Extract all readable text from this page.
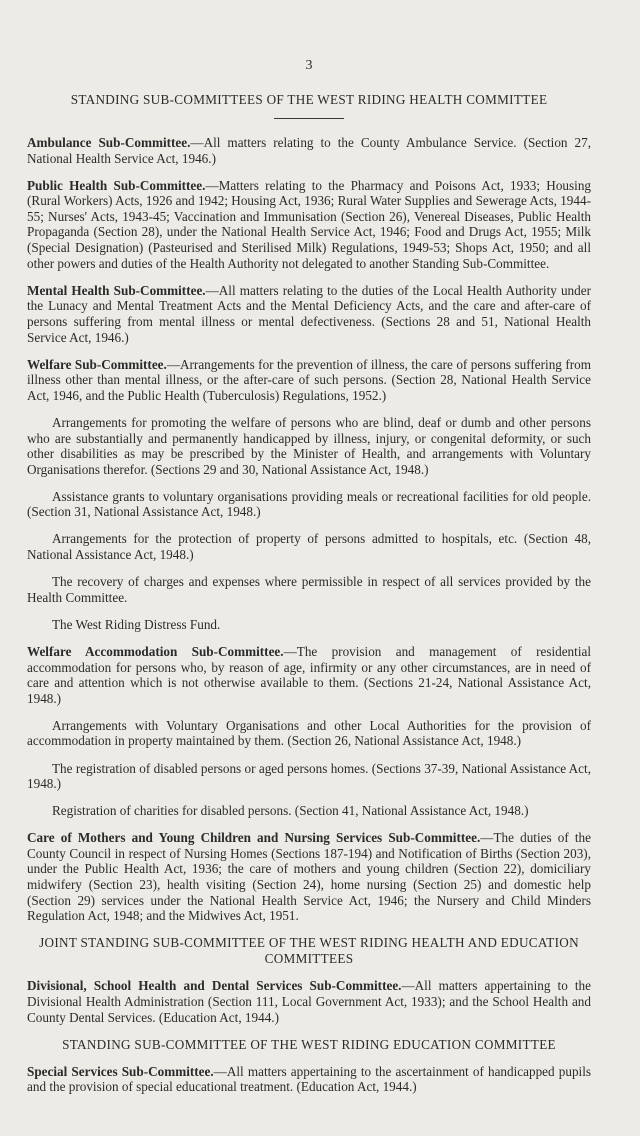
3
STANDING SUB-COMMITTEES OF THE WEST RIDING HEALTH COMMITTEE

Ambulance Sub-Committee.—All matters relating to the County Ambulance Service. (Section 27, National Health Service Act, 1946.)

Public Health Sub-Committee.—Matters relating to the Pharmacy and Poisons Act, 1933; Housing (Rural Workers) Acts, 1926 and 1942; Housing Act, 1936; Rural Water Supplies and Sewerage Acts, 1944-55; Nurses' Acts, 1943-45; Vaccination and Immunisation (Section 26), Venereal Diseases, Public Health Propaganda (Section 28), under the National Health Service Act, 1946; Food and Drugs Act, 1955; Milk (Special Designation) (Pasteurised and Sterilised Milk) Regulations, 1949-53; Shops Act, 1950; and all other powers and duties of the Health Authority not delegated to another Standing Sub-Committee.

Mental Health Sub-Committee.—All matters relating to the duties of the Local Health Authority under the Lunacy and Mental Treatment Acts and the Mental Deficiency Acts, and the care and after-care of persons suffering from mental illness or mental defectiveness. (Sections 28 and 51, National Health Service Act, 1946.)

Welfare Sub-Committee.—Arrangements for the prevention of illness, the care of persons suffering from illness other than mental illness, or the after-care of such persons. (Section 28, National Health Service Act, 1946, and the Public Health (Tuberculosis) Regulations, 1952.)

Arrangements for promoting the welfare of persons who are blind, deaf or dumb and other persons who are substantially and permanently handicapped by illness, injury, or congenital deformity, or such other disabilities as may be prescribed by the Minister of Health, and arrangements with Voluntary Organisations therefor. (Sections 29 and 30, National Assistance Act, 1948.)

Assistance grants to voluntary organisations providing meals or recreational facilities for old people. (Section 31, National Assistance Act, 1948.)

Arrangements for the protection of property of persons admitted to hospitals, etc. (Section 48, National Assistance Act, 1948.)

The recovery of charges and expenses where permissible in respect of all services provided by the Health Committee.

The West Riding Distress Fund.

Welfare Accommodation Sub-Committee.—The provision and management of residential accommodation for persons who, by reason of age, infirmity or any other circumstances, are in need of care and attention which is not otherwise available to them. (Sections 21-24, National Assistance Act, 1948.)

Arrangements with Voluntary Organisations and other Local Authorities for the provision of accommodation in property maintained by them. (Section 26, National Assistance Act, 1948.)

The registration of disabled persons or aged persons homes. (Sections 37-39, National Assistance Act, 1948.)

Registration of charities for disabled persons. (Section 41, National Assistance Act, 1948.)

Care of Mothers and Young Children and Nursing Services Sub-Committee.—The duties of the County Council in respect of Nursing Homes (Sections 187-194) and Notification of Births (Section 203), under the Public Health Act, 1936; the care of mothers and young children (Section 22), domiciliary midwifery (Section 23), health visiting (Section 24), home nursing (Section 25) and domestic help (Section 29) services under the National Health Service Act, 1946; the Nursery and Child Minders Regulation Act, 1948; and the Midwives Act, 1951.

JOINT STANDING SUB-COMMITTEE OF THE WEST RIDING HEALTH AND EDUCATION COMMITTEES

Divisional, School Health and Dental Services Sub-Committee.—All matters appertaining to the Divisional Health Administration (Section 111, Local Government Act, 1933); and the School Health and County Dental Services. (Education Act, 1944.)

STANDING SUB-COMMITTEE OF THE WEST RIDING EDUCATION COMMITTEE

Special Services Sub-Committee.—All matters appertaining to the ascertainment of handicapped pupils and the provision of special educational treatment. (Education Act, 1944.)
